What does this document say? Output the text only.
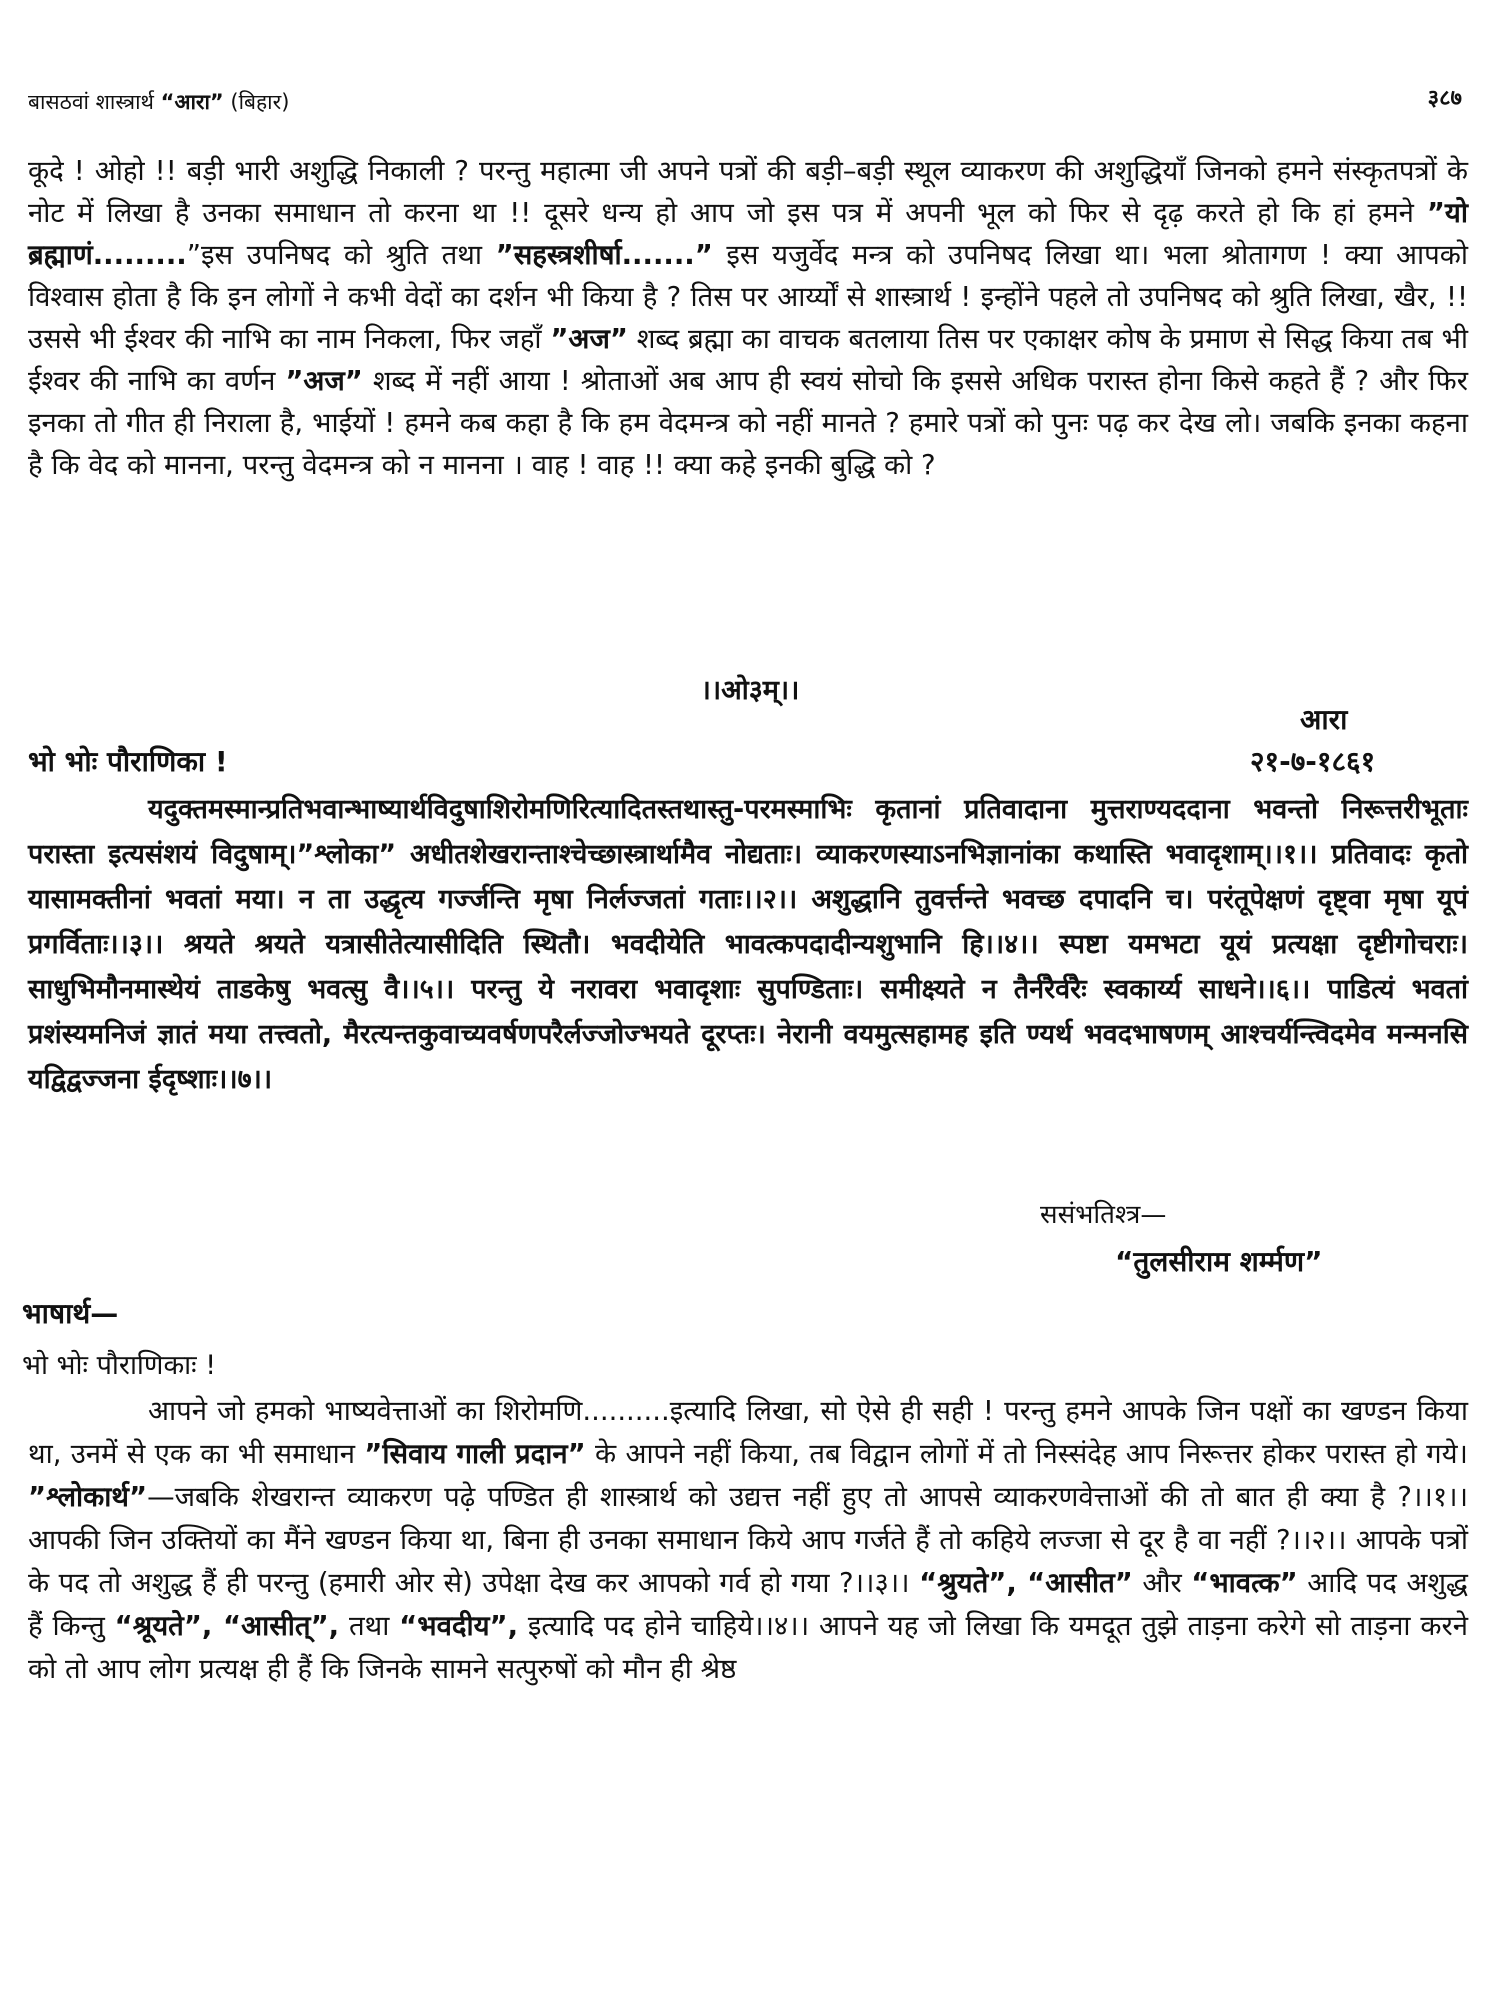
बासठवां शास्त्रार्थ “आरा” (बिहार)	३८७

कूदे ! ओहो !! बड़ी भारी अशुद्धि निकाली ? परन्तु महात्मा जी अपने पत्रों की बड़ी–बड़ी स्थूल व्याकरण की अशुद्धियाँ जिनको हमने संस्कृतपत्रों के नोट में लिखा है उनका समाधान तो करना था !! दूसरे धन्य हो आप जो इस पत्र में अपनी भूल को फिर से दृढ़ करते हो कि हां हमने ”यो ब्रह्माणं.........”इस उपनिषद को श्रुति तथा ”सहस्त्रशीर्षा.......” इस यजुर्वेद मन्त्र को उपनिषद लिखा था। भला श्रोतागण ! क्या आपको विश्वास होता है कि इन लोगों ने कभी वेदों का दर्शन भी किया है ? तिस पर आर्य्यों से शास्त्रार्थ ! इन्होंने पहले तो उपनिषद को श्रुति लिखा, खैर, !! उससे भी ईश्वर की नाभि का नाम निकला, फिर जहाँ ”अज” शब्द ब्रह्मा का वाचक बतलाया तिस पर एकाक्षर कोष के प्रमाण से सिद्ध किया तब भी ईश्वर की नाभि का वर्णन ”अज” शब्द में नहीं आया ! श्रोताओं अब आप ही स्वयं सोचो कि इससे अधिक परास्त होना किसे कहते हैं ? और फिर इनका तो गीत ही निराला है, भाईयों ! हमने कब कहा है कि हम वेदमन्त्र को नहीं मानते ? हमारे पत्रों को पुनः पढ़ कर देख लो। जबकि इनका कहना है कि वेद को मानना, परन्तु वेदमन्त्र को न मानना । वाह ! वाह !! क्या कहे इनकी बुद्धि को ?

।।ओ३म्।।
आरा
भो भोः पौराणिका !	२१-७-१८६१

यदुक्तमस्मान्प्रतिभवान्भाष्यार्थविदुषाशिरोमणिरित्यादितस्तथास्तु-परमस्माभिः कृतानां प्रतिवादाना मुत्तराण्यददाना भवन्तो निरूत्तरीभूताः परास्ता इत्यसंशयं विदुषाम्।”श्लोका” अधीतशेखरान्ताश्चेच्छास्त्रार्थामैव नोद्यताः। व्याकरणस्याऽनभिज्ञानांका कथास्ति भवादृशाम्।।१।। प्रतिवादः कृतो यासामक्तीनां भवतां मया। न ता उद्धृत्य गर्ज्जन्ति मृषा निर्लज्जतां गताः।।२।। अशुद्धानि तुवर्त्तन्ते भवच्छ दपादनि च। परंतूपेक्षणं दृष्ट्वा मृषा यूपं प्रगर्विताः।।३।। श्रयते श्रयते यत्रासीतेत्यासीदिति स्थितौ। भवदीयेति भावत्कपदादीन्यशुभानि हि।।४।। स्पष्टा यमभटा यूयं प्रत्यक्षा दृष्टीगोचराः। साधुभिमौनमास्थेयं ताडकेषु भवत्सु वै।।५।। परन्तु ये नरावरा भवादृशाः सुपण्डिताः। समीक्ष्यते न तैर्नरैर्वरैः स्वकार्य्य साधने।।६।। पाडित्यं भवतां प्रशंस्यमनिजं ज्ञातं मया तत्त्वतो, मैरत्यन्तकुवाच्यवर्षणपरैर्लज्जोज्भयते दूरप्तः। नेरानी वयमुत्सहामह इति ण्यर्थ भवदभाषणम् आश्चर्यन्त्विदमेव मन्मनसि यद्विद्वज्जना ईदृष्शाः।।७।।

ससंभतिश्त्र—
“तुलसीराम शर्म्मण”
भाषार्थ—
भो भोः पौराणिकाः !

आपने जो हमको भाष्यवेत्ताओं का शिरोमणि..........इत्यादि लिखा, सो ऐसे ही सही ! परन्तु हमने आपके जिन पक्षों का खण्डन किया था, उनमें से एक का भी समाधान ”सिवाय गाली प्रदान” के आपने नहीं किया, तब विद्वान लोगों में तो निस्संदेह आप निरूत्तर होकर परास्त हो गये। ”श्लोकार्थ”—जबकि शेखरान्त व्याकरण पढ़े पण्डित ही शास्त्रार्थ को उद्यत्त नहीं हुए तो आपसे व्याकरणवेत्ताओं की तो बात ही क्या है ?।।१।। आपकी जिन उक्तियों का मैंने खण्डन किया था, बिना ही उनका समाधान किये आप गर्जते हैं तो कहिये लज्जा से दूर है वा नहीं ?।।२।। आपके पत्रों के पद तो अशुद्ध हैं ही परन्तु (हमारी ओर से) उपेक्षा देख कर आपको गर्व हो गया ?।।३।। “श्रुयते”, “आसीत” और “भावत्क” आदि पद अशुद्ध हैं किन्तु “श्रूयते”, “आसीत्”, तथा “भवदीय”, इत्यादि पद होने चाहिये।।४।। आपने यह जो लिखा कि यमदूत तुझे ताड़ना करेगे सो ताड़ना करने को तो आप लोग प्रत्यक्ष ही हैं कि जिनके सामने सत्पुरुषों को मौन ही श्रेष्ठ
